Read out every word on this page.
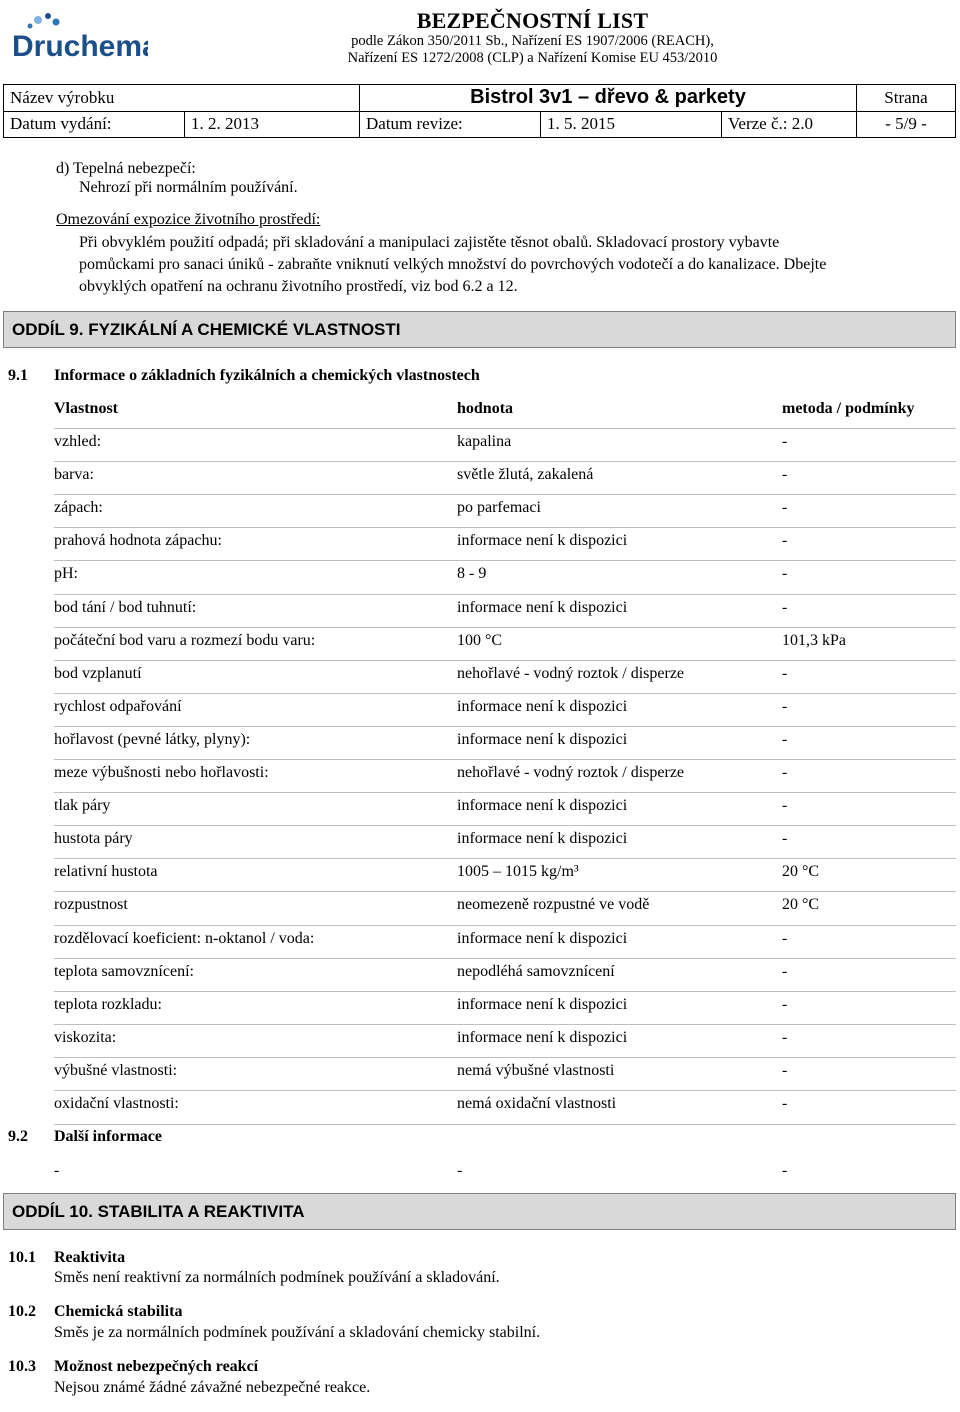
Druchema
BEZPEČNOSTNÍ LIST
podle Zákon 350/2011 Sb., Nařízení ES 1907/2006 (REACH),
Nařízení ES 1272/2008 (CLP) a Nařízení Komise EU 453/2010
Název výrobku		Bistrol 3v1 – dřevo & parkety			Strana
Datum vydání:	1. 2. 2013	Datum revize:	1. 5. 2015	Verze č.: 2.0	- 5/9 -
d) Tepelná nebezpečí:
Nehrozí při normálním používání.
Omezování expozice životního prostředí:
Při obvyklém použití odpadá; při skladování a manipulaci zajistěte těsnot obalů. Skladovací prostory vybavte
pomůckami pro sanaci úniků - zabraňte vniknutí velkých množství do povrchových vodotečí a do kanalizace. Dbejte
obvyklých opatření na ochranu životního prostředí, viz bod 6.2 a 12.
ODDÍL 9. FYZIKÁLNÍ A CHEMICKÉ VLASTNOSTI
9.1 Informace o základních fyzikálních a chemických vlastnostech
Vlastnost	hodnota	metoda / podmínky
vzhled:	kapalina	-
barva:	světle žlutá, zakalená	-
zápach:	po parfemaci	-
prahová hodnota zápachu:	informace není k dispozici	-
pH:	8 - 9	-
bod tání / bod tuhnutí:	informace není k dispozici	-
počáteční bod varu a rozmezí bodu varu:	100 °C	101,3 kPa
bod vzplanutí	nehořlavé - vodný roztok / disperze	-
rychlost odpařování	informace není k dispozici	-
hořlavost (pevné látky, plyny):	informace není k dispozici	-
meze výbušnosti nebo hořlavosti:	nehořlavé - vodný roztok / disperze	-
tlak páry	informace není k dispozici	-
hustota páry	informace není k dispozici	-
relativní hustota	1005 – 1015 kg/m³	20 °C
rozpustnost	neomezeně rozpustné ve vodě	20 °C
rozdělovací koeficient: n-oktanol / voda:	informace není k dispozici	-
teplota samovznícení:	nepodléhá samovznícení	-
teplota rozkladu:	informace není k dispozici	-
viskozita:	informace není k dispozici	-
výbušné vlastnosti:	nemá výbušné vlastnosti	-
oxidační vlastnosti:	nemá oxidační vlastnosti	-
9.2 Další informace
-	-	-
ODDÍL 10. STABILITA A REAKTIVITA
10.1 Reaktivita
Směs není reaktivní za normálních podmínek používání a skladování.
10.2 Chemická stabilita
Směs je za normálních podmínek používání a skladování chemicky stabilní.
10.3 Možnost nebezpečných reakcí
Nejsou známé žádné závažné nebezpečné reakce.
